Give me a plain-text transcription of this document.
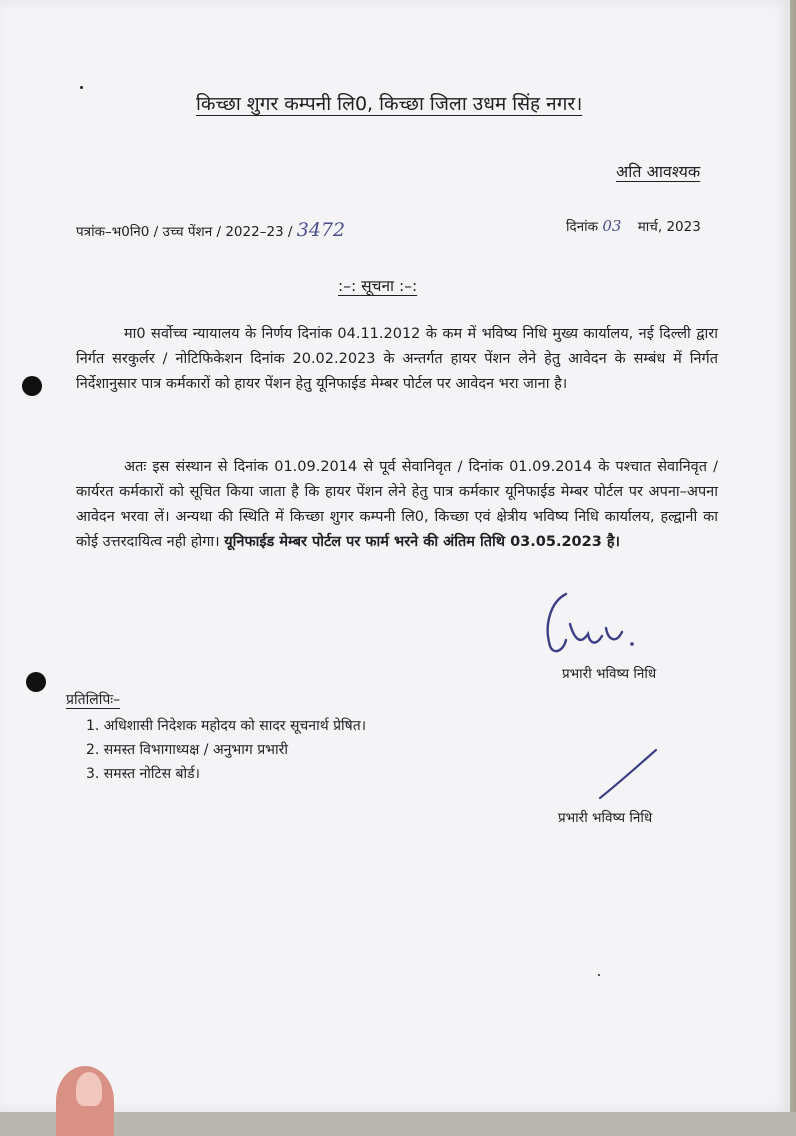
किच्छा शुगर कम्पनी लि0, किच्छा जिला उधम सिंह नगर।
अति आवश्यक
पत्रांक–भ0नि0 / उच्च पेंशन / 2022–23 / 3472	दिनांक 03 मार्च, 2023
:–: सूचना :–:
मा0 सर्वोच्च न्यायालय के निर्णय दिनांक 04.11.2012 के कम में भविष्य निधि मुख्य कार्यालय, नई दिल्ली द्वारा निर्गत सरकुर्लर / नोटिफिकेशन दिनांक 20.02.2023 के अन्तर्गत हायर पेंशन लेने हेतु आवेदन के सम्बंध में निर्गत निर्देशानुसार पात्र कर्मकारों को हायर पेंशन हेतु यूनिफाईड मेम्बर पोर्टल पर आवेदन भरा जाना है।
अतः इस संस्थान से दिनांक 01.09.2014 से पूर्व सेवानिवृत / दिनांक 01.09.2014 के पश्चात सेवानिवृत / कार्यरत कर्मकारों को सूचित किया जाता है कि हायर पेंशन लेने हेतु पात्र कर्मकार यूनिफाईड मेम्बर पोर्टल पर अपना–अपना आवेदन भरवा लें। अन्यथा की स्थिति में किच्छा शुगर कम्पनी लि0, किच्छा एवं क्षेत्रीय भविष्य निधि कार्यालय, हल्द्वानी का कोई उत्तरदायित्व नही होगा। यूनिफाईड मेम्बर पोर्टल पर फार्म भरने की अंतिम तिथि 03.05.2023 है।
प्रभारी भविष्य निधि
प्रतिलिपिः–
1. अधिशासी निदेशक महोदय को सादर सूचनार्थ प्रेषित।
2. समस्त विभागाध्यक्ष / अनुभाग प्रभारी
3. समस्त नोटिस बोर्ड।
प्रभारी भविष्य निधि
